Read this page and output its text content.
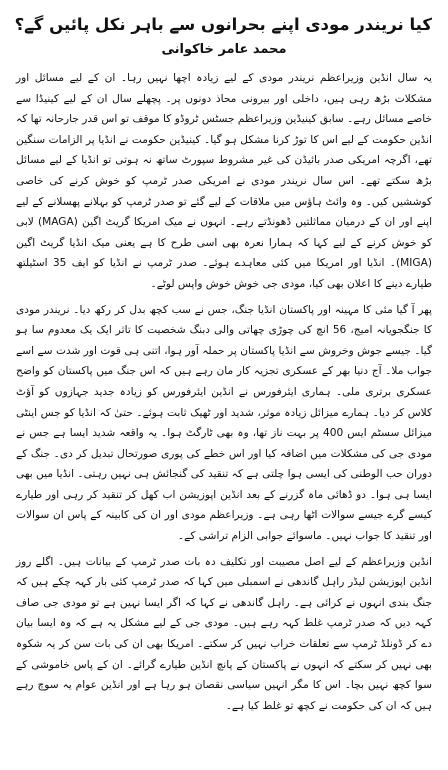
کیا نریندر مودی اپنے بحرانوں سے باہر نکل پائیں گے؟
محمد عامر خاکوانی

یہ سال انڈین وزیراعظم نریندر مودی کے لیے زیادہ اچھا نہیں رہا۔ ان کے لیے مسائل اور مشکلات بڑھ رہی ہیں، داخلی اور بیرونی محاذ دونوں پر۔ پچھلے سال ان کے لیے کینیڈا سے خاصے مسائل رہے۔ سابق کینیڈین وزیراعظم جسٹس ٹروڈو کا موقف تو اس قدر جارحانہ تھا کہ انڈین حکومت کے لیے اس کا توڑ کرنا مشکل ہو گیا۔ کینیڈین حکومت نے انڈیا پر الزامات سنگین تھے، اگرچہ امریکی صدر بائیڈن کی غیر مشروط سپورٹ ساتھ نہ ہوتی تو انڈیا کے لیے مسائل بڑھ سکتے تھے۔ اس سال نریندر مودی نے امریکی صدر ٹرمپ کو خوش کرنے کی خاصی کوششیں کیں۔ وہ وائٹ ہاؤس میں ملاقات کے لیے گئے تو صدر ٹرمپ کو بہلانے پھسلانے کے لیے اپنے اور ان کے درمیان مماثلتیں ڈھونڈتے رہے۔ انہوں نے میک امریکا گریٹ اگین (MAGA) لابی کو خوش کرنے کے لیے کہا کہ ہمارا نعرہ بھی اسی طرح کا ہے یعنی میک انڈیا گریٹ اگین (MIGA)۔ انڈیا اور امریکا میں کئی معاہدے ہوئے۔ صدر ٹرمپ نے انڈیا کو ایف 35 اسٹیلتھ طیارے دینے کا اعلان بھی کیا، مودی جی خوش خوش واپس لوٹے۔

پھر آ گیا مئی کا مہینہ اور پاکستان انڈیا جنگ، جس نے سب کچھ بدل کر رکھ دیا۔ نریندر مودی کا جنگجویانہ امیج، 56 انچ کی چوڑی چھاتی والی دبنگ شخصیت کا تاثر ایک یک معدوم سا ہو گیا۔ جیسے جوش وخروش سے انڈیا پاکستان پر حملہ آور ہوا، اتنی ہی قوت اور شدت سے اسے جواب ملا۔ آج دنیا بھر کے عسکری تجزیہ کار مان رہے ہیں کہ اس جنگ میں پاکستان کو واضح عسکری برتری ملی۔ ہماری ایئرفورس نے انڈین ایئرفورس کو زیادہ جدید جہازوں کو آؤٹ کلاس کر دیا۔ ہمارے میزائل زیادہ موثر، شدید اور ٹھیک ثابت ہوئے۔ حتیٰ کہ انڈیا کو جس اینٹی میزائل سسٹم ایس 400 پر بہت ناز تھا، وہ بھی ٹارگٹ ہوا۔ یہ واقعہ شدید ایسا ہے جس نے مودی جی کی مشکلات میں اضافہ کیا اور اس خطے کی پوری صورتحال تبدیل کر دی۔ جنگ کے دوران حب الوطنی کی ایسی ہوا چلتی ہے کہ تنقید کی گنجائش ہی نہیں رہتی۔ انڈیا میں بھی ایسا ہی ہوا۔ دو ڈھائی ماہ گزرنے کے بعد انڈین اپوزیشن اب کھل کر تنقید کر رہی اور طیارے کیسے گرے جیسے سوالات اٹھا رہی ہے۔ وزیراعظم مودی اور ان کی کابینہ کے پاس ان سوالات اور تنقید کا جواب نہیں۔ ماسوائے جوابی الزام تراشی کے۔

انڈین وزیراعظم کے لیے اصل مصیبت اور تکلیف دہ بات صدر ٹرمپ کے بیانات ہیں۔ اگلے روز انڈین اپوزیشن لیڈر راہل گاندھی نے اسمبلی میں کہا کہ صدر ٹرمپ کئی بار کہہ چکے ہیں کہ جنگ بندی انہوں نے کرائی ہے۔ راہل گاندھی نے کہا کہ اگر ایسا نہیں ہے تو مودی جی صاف کہہ دیں کہ صدر ٹرمپ غلط کہہ رہے ہیں۔ مودی جی کے لیے مشکل یہ ہے کہ وہ ایسا بیان دے کر ڈونلڈ ٹرمپ سے تعلقات خراب نہیں کر سکتے۔ امریکا بھی ان کی بات سن کر یہ شکوہ بھی نہیں کر سکتے کہ انہوں نے پاکستان کے پانچ انڈین طیارے گرائے۔ ان کے پاس خاموشی کے سوا کچھ نہیں بچا۔ اس کا مگر انہیں سیاسی نقصان ہو رہا ہے اور انڈین عوام یہ سوچ رہے ہیں کہ ان کی حکومت نے کچھ تو غلط کیا ہے۔
